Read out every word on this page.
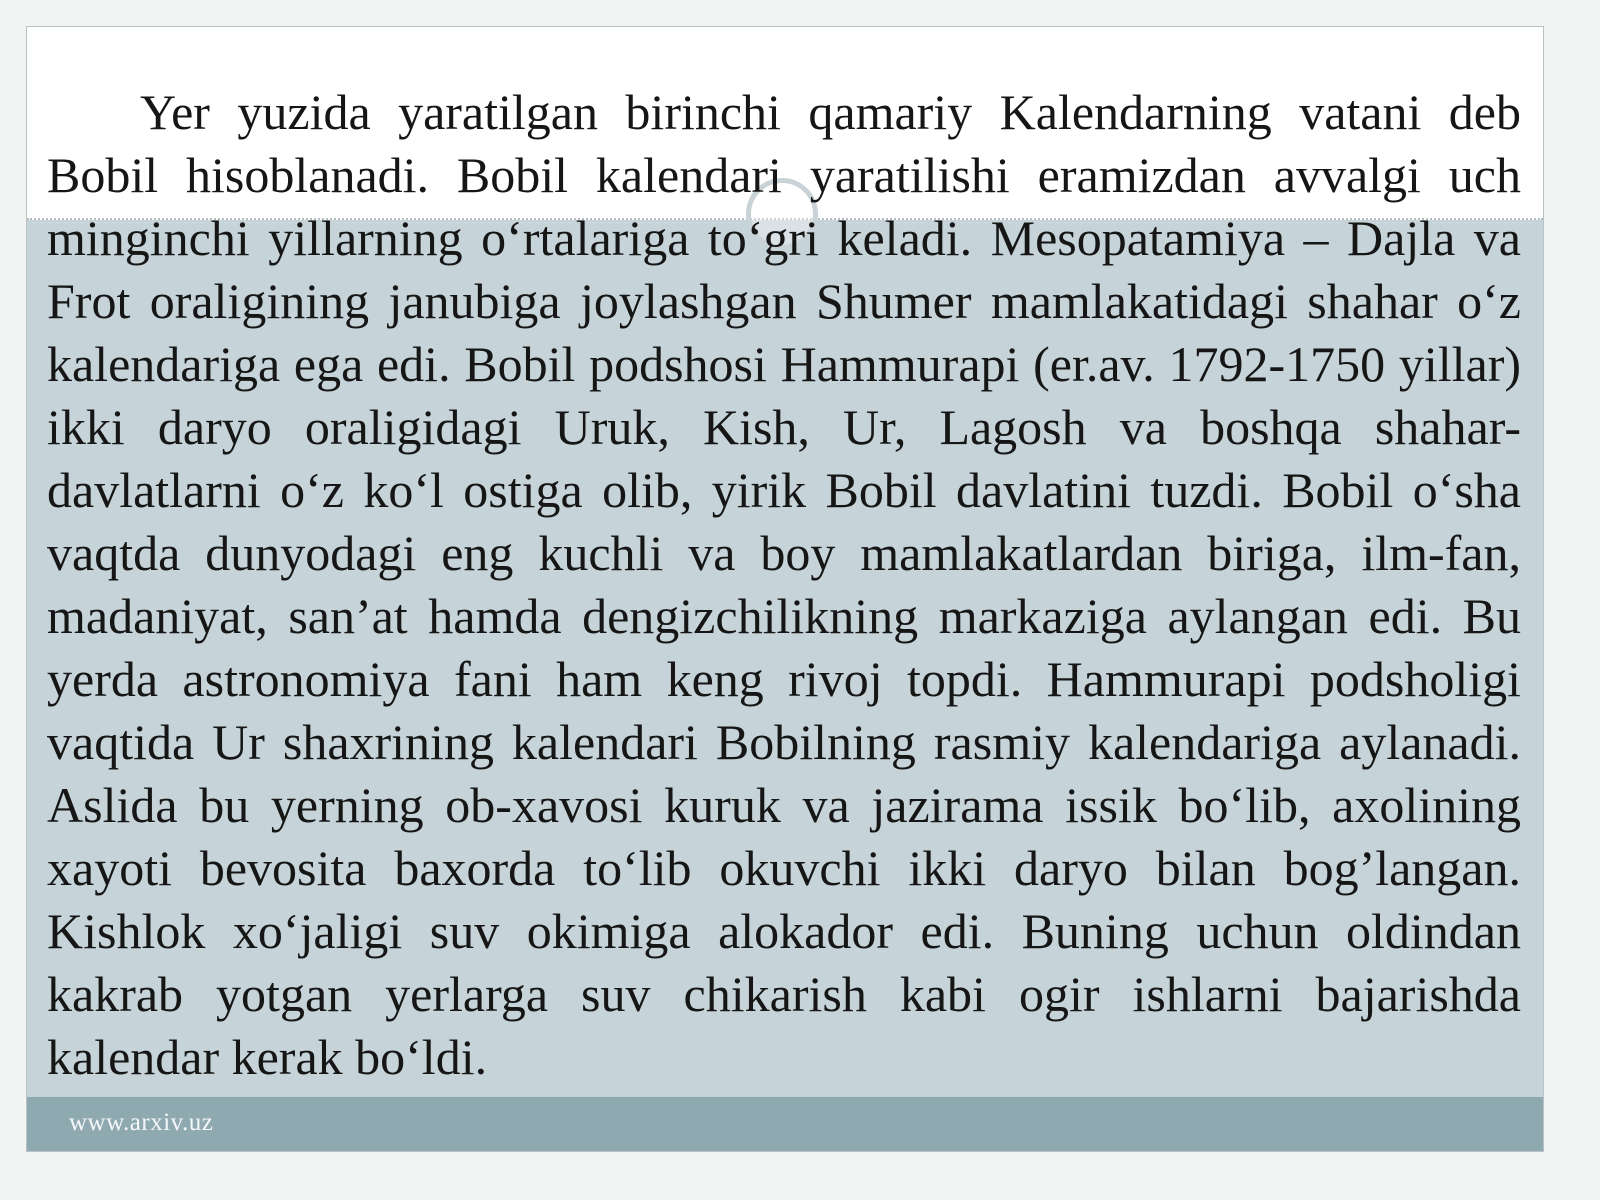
Yer yuzida yaratilgan birinchi qamariy Kalendarning vatani deb Bobil hisoblanadi. Bobil kalendari yaratilishi eramizdan avvalgi uch minginchi yillarning o‘rtalariga to‘gri keladi. Mesopatamiya – Dajla va Frot oraligining janubiga joylashgan Shumer mamlakatidagi shahar o‘z kalendariga ega edi. Bobil podshosi Hammurapi (er.av. 1792-1750 yillar) ikki daryo oraligidagi Uruk, Kish, Ur, Lagosh va boshqa shahar-davlatlarni o‘z ko‘l ostiga olib, yirik Bobil davlatini tuzdi. Bobil o‘sha vaqtda dunyodagi eng kuchli va boy mamlakatlardan biriga, ilm-fan, madaniyat, san’at hamda dengizchilikning markaziga aylangan edi. Bu yerda astronomiya fani ham keng rivoj topdi. Hammurapi podsholigi vaqtida Ur shaxrining kalendari Bobilning rasmiy kalendariga aylanadi. Aslida bu yerning ob-xavosi kuruk va jazirama issik bo‘lib, axolining xayoti bevosita baxorda to‘lib okuvchi ikki daryo bilan bog’langan. Kishlok xo‘jaligi suv okimiga alokador edi. Buning uchun oldindan kakrab yotgan yerlarga suv chikarish kabi ogir ishlarni bajarishda kalendar kerak bo‘ldi.

www.arxiv.uz
